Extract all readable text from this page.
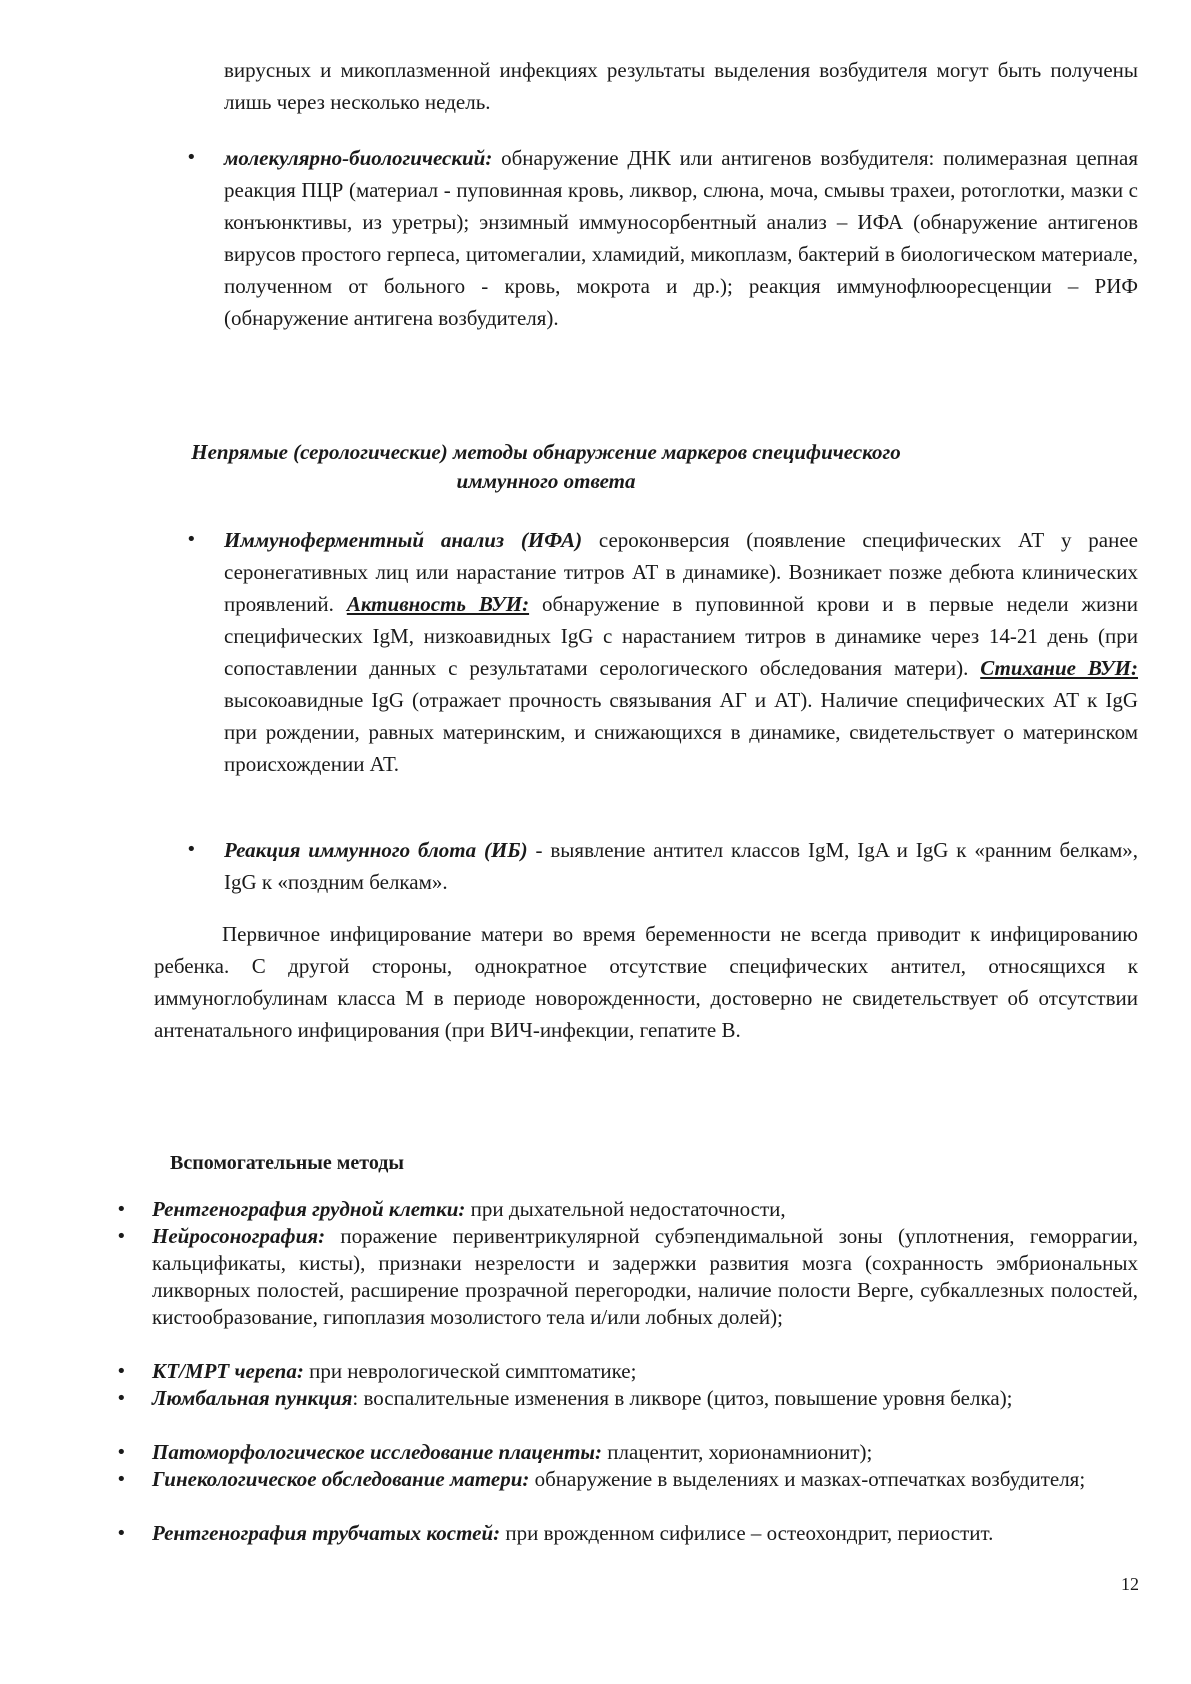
вирусных и микоплазменной инфекциях результаты выделения возбудителя могут быть получены лишь через несколько недель.

• молекулярно-биологический: обнаружение ДНК или антигенов возбудителя: полимеразная цепная реакция ПЦР (материал - пуповинная кровь, ликвор, слюна, моча, смывы трахеи, ротоглотки, мазки с конъюнктивы, из уретры); энзимный иммуносорбентный анализ – ИФА (обнаружение антигенов вирусов простого герпеса, цитомегалии, хламидий, микоплазм, бактерий в биологическом материале, полученном от больного - кровь, мокрота и др.); реакция иммунофлюоресценции – РИФ (обнаружение антигена возбудителя).

Непрямые (серологические) методы обнаружение маркеров специфического
иммунного ответа

• Иммуноферментный анализ (ИФА) сероконверсия (появление специфических АТ у ранее серонегативных лиц или нарастание титров АТ в динамике). Возникает позже дебюта клинических проявлений. Активность ВУИ: обнаружение в пуповинной крови и в первые недели жизни специфических IgM, низкоавидных IgG с нарастанием титров в динамике через 14-21 день (при сопоставлении данных с результатами серологического обследования матери). Стихание ВУИ: высокоавидные IgG (отражает прочность связывания АГ и АТ). Наличие специфических АТ к IgG при рождении, равных материнским, и снижающихся в динамике, свидетельствует о материнском происхождении АТ.

• Реакция иммунного блота (ИБ) - выявление антител классов IgM, IgA и IgG к «ранним белкам», IgG к «поздним белкам».

Первичное инфицирование матери во время беременности не всегда приводит к инфицированию ребенка. С другой стороны, однократное отсутствие специфических антител, относящихся к иммуноглобулинам класса М в периоде новорожденности, достоверно не свидетельствует об отсутствии антенатального инфицирования (при ВИЧ-инфекции, гепатите В.

Вспомогательные методы

• Рентгенография грудной клетки: при дыхательной недостаточности,

• Нейросонография: поражение перивентрикулярной субэпендимальной зоны (уплотнения, геморрагии, кальцификаты, кисты), признаки незрелости и задержки развития мозга (сохранность эмбриональных ликворных полостей, расширение прозрачной перегородки, наличие полости Верге, субкаллезных полостей, кистообразование, гипоплазия мозолистого тела и/или лобных долей);

• КТ/МРТ черепа: при неврологической симптоматике;

• Люмбальная пункция: воспалительные изменения в ликворе (цитоз, повышение уровня белка);

• Патоморфологическое исследование плаценты: плацентит, хорионамнионит);

• Гинекологическое обследование матери: обнаружение в выделениях и мазках-отпечатках возбудителя;

• Рентгенография трубчатых костей: при врожденном сифилисе – остеохондрит, периостит.

12
